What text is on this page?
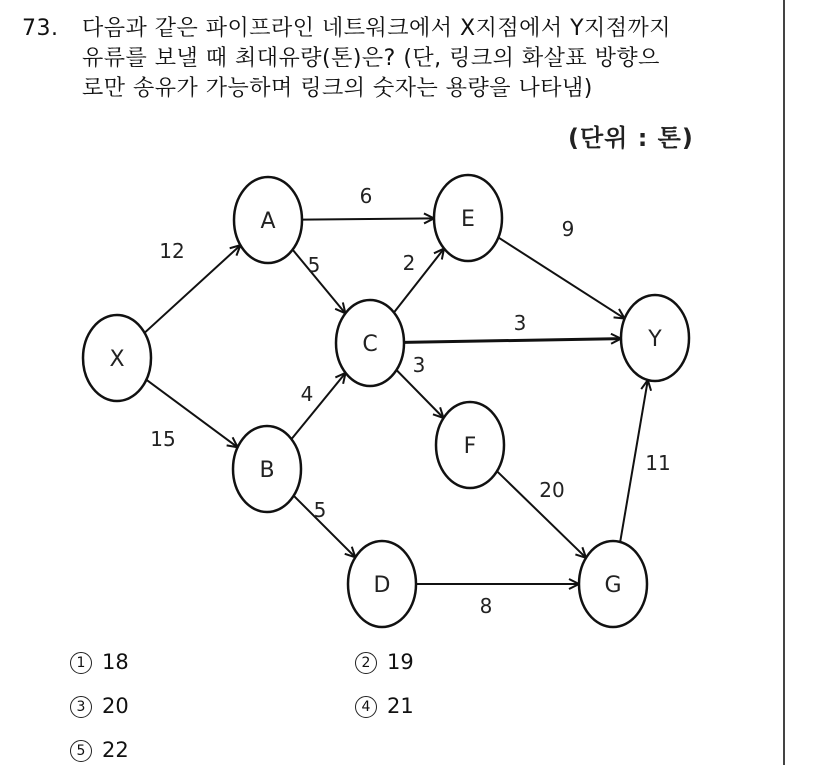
73. 다음과 같은 파이프라인 네트워크에서 X지점에서 Y지점까지
유류를 보낼 때 최대유량(톤)은? (단, 링크의 화살표 방향으
로만 송유가 가능하며 링크의 숫자는 용량을 나타냄)
(단위 : 톤)
12
15
6
5
4
5
2
3
3
9
20
8
11
X
A
B
C
D
E
F
G
Y
1 18	2 19
3 20	4 21
5 22
